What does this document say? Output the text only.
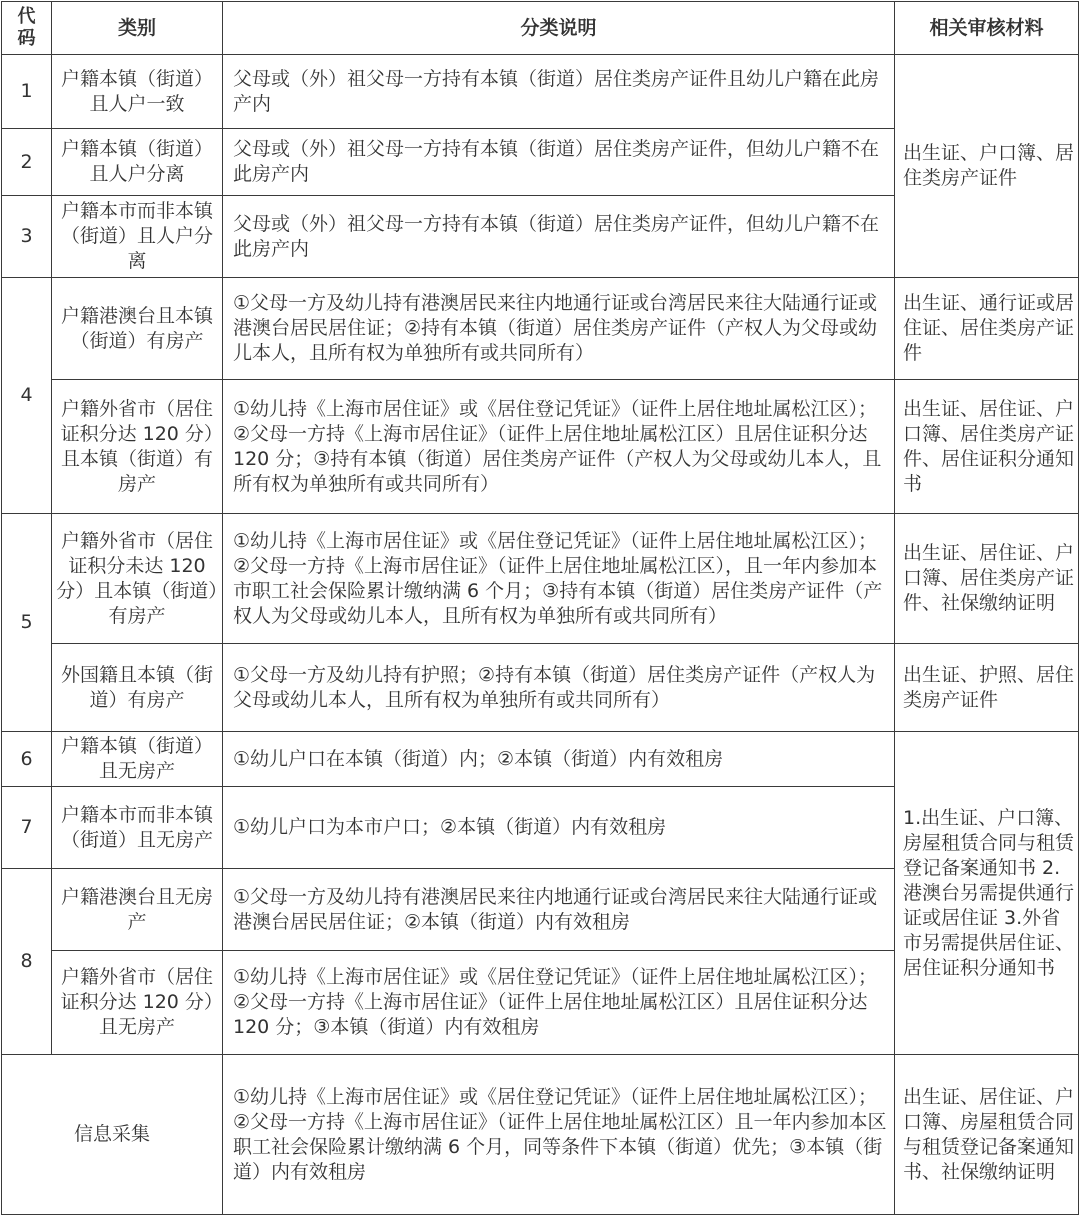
代码	类别	分类说明	相关审核材料
1	户籍本镇（街道）且人户一致	父母或（外）祖父母一方持有本镇（街道）居住类房产证件且幼儿户籍在此房产内	出生证、户口簿、居住类房产证件
2	户籍本镇（街道）且人户分离	父母或（外）祖父母一方持有本镇（街道）居住类房产证件，但幼儿户籍不在此房产内	
3	户籍本市而非本镇（街道）且人户分离	父母或（外）祖父母一方持有本镇（街道）居住类房产证件，但幼儿户籍不在此房产内	
4	户籍港澳台且本镇（街道）有房产	①父母一方及幼儿持有港澳居民来往内地通行证或台湾居民来往大陆通行证或港澳台居民居住证；②持有本镇（街道）居住类房产证件（产权人为父母或幼儿本人，且所有权为单独所有或共同所有）	出生证、通行证或居住证、居住类房产证件
	户籍外省市（居住证积分达 120 分）且本镇（街道）有房产	①幼儿持《上海市居住证》或《居住登记凭证》（证件上居住地址属松江区）；②父母一方持《上海市居住证》（证件上居住地址属松江区）且居住证积分达 120 分；③持有本镇（街道）居住类房产证件（产权人为父母或幼儿本人，且所有权为单独所有或共同所有）	出生证、居住证、户口簿、居住类房产证件、居住证积分通知书
5	户籍外省市（居住证积分未达 120 分）且本镇（街道）有房产	①幼儿持《上海市居住证》或《居住登记凭证》（证件上居住地址属松江区）；②父母一方持《上海市居住证》（证件上居住地址属松江区），且一年内参加本市职工社会保险累计缴纳满 6 个月；③持有本镇（街道）居住类房产证件（产权人为父母或幼儿本人，且所有权为单独所有或共同所有）	出生证、居住证、户口簿、居住类房产证件、社保缴纳证明
	外国籍且本镇（街道）有房产	①父母一方及幼儿持有护照；②持有本镇（街道）居住类房产证件（产权人为父母或幼儿本人，且所有权为单独所有或共同所有）	出生证、护照、居住类房产证件
6	户籍本镇（街道）且无房产	①幼儿户口在本镇（街道）内；②本镇（街道）内有效租房	1.出生证、户口簿、房屋租赁合同与租赁登记备案通知书 2.港澳台另需提供通行证或居住证 3.外省市另需提供居住证、居住证积分通知书
7	户籍本市而非本镇（街道）且无房产	①幼儿户口为本市户口；②本镇（街道）内有效租房	
8	户籍港澳台且无房产	①父母一方及幼儿持有港澳居民来往内地通行证或台湾居民来往大陆通行证或港澳台居民居住证；②本镇（街道）内有效租房	
	户籍外省市（居住证积分达 120 分）且无房产	①幼儿持《上海市居住证》或《居住登记凭证》（证件上居住地址属松江区）；②父母一方持《上海市居住证》（证件上居住地址属松江区）且居住证积分达 120 分；③本镇（街道）内有效租房	
信息采集		①幼儿持《上海市居住证》或《居住登记凭证》（证件上居住地址属松江区）；②父母一方持《上海市居住证》（证件上居住地址属松江区）且一年内参加本区职工社会保险累计缴纳满 6 个月，同等条件下本镇（街道）优先；③本镇（街道）内有效租房	出生证、居住证、户口簿、房屋租赁合同与租赁登记备案通知书、社保缴纳证明
